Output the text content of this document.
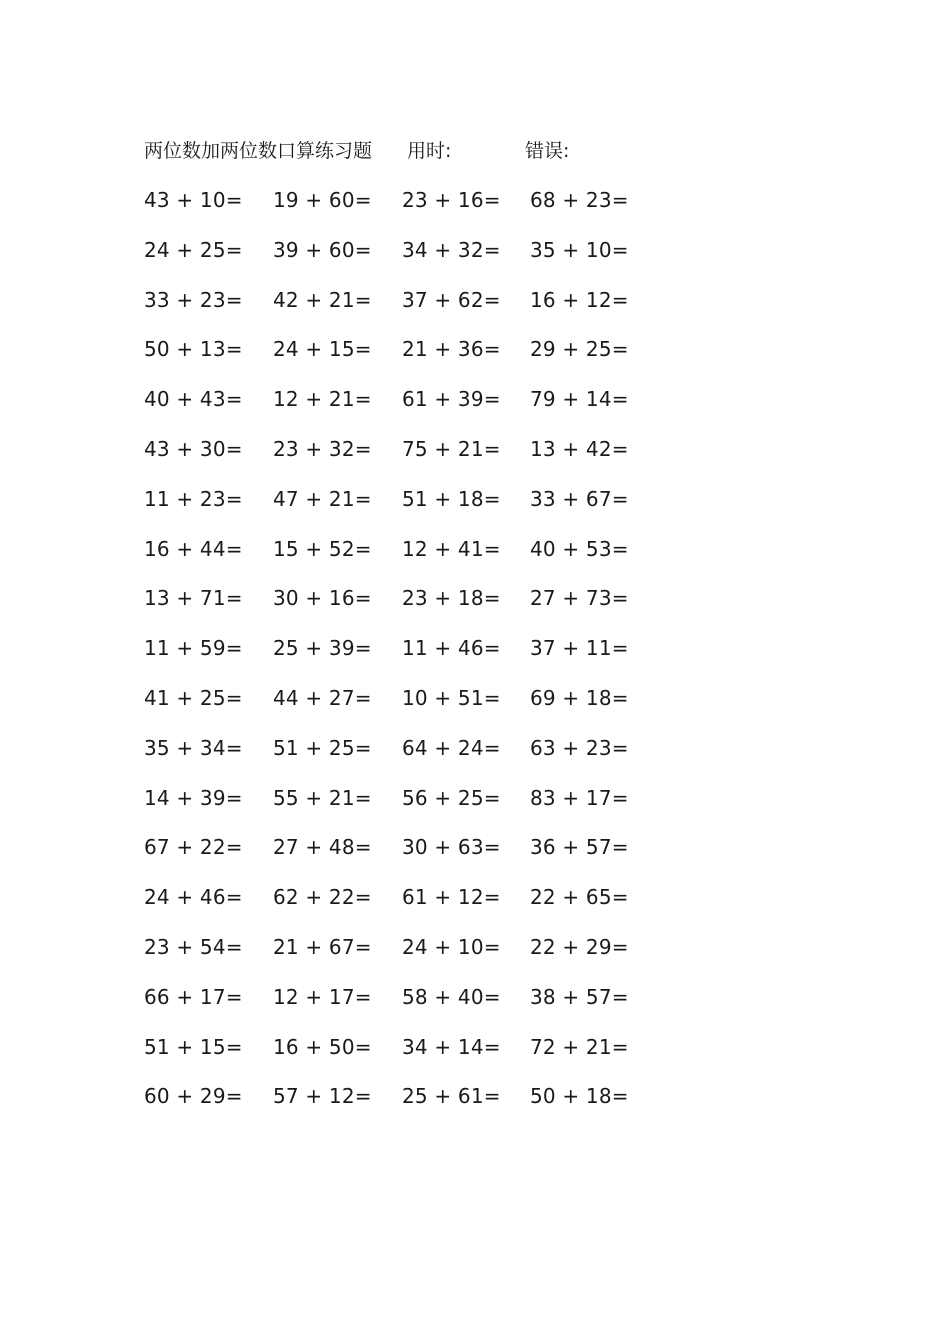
两位数加两位数口算练习题 用时:	错误:
43 + 10= 19 + 60= 23 + 16= 68 + 23=
24 + 25= 39 + 60= 34 + 32= 35 + 10=
33 + 23= 42 + 21= 37 + 62= 16 + 12=
50 + 13= 24 + 15= 21 + 36= 29 + 25=
40 + 43= 12 + 21= 61 + 39= 79 + 14=
43 + 30= 23 + 32= 75 + 21= 13 + 42=
11 + 23= 47 + 21= 51 + 18= 33 + 67=
16 + 44= 15 + 52= 12 + 41= 40 + 53=
13 + 71= 30 + 16= 23 + 18= 27 + 73=
11 + 59= 25 + 39= 11 + 46= 37 + 11=
41 + 25= 44 + 27= 10 + 51= 69 + 18=
35 + 34= 51 + 25= 64 + 24= 63 + 23=
14 + 39= 55 + 21= 56 + 25= 83 + 17=
67 + 22= 27 + 48= 30 + 63= 36 + 57=
24 + 46= 62 + 22= 61 + 12= 22 + 65=
23 + 54= 21 + 67= 24 + 10= 22 + 29=
66 + 17= 12 + 17= 58 + 40= 38 + 57=
51 + 15= 16 + 50= 34 + 14= 72 + 21=
60 + 29= 57 + 12= 25 + 61= 50 + 18=
